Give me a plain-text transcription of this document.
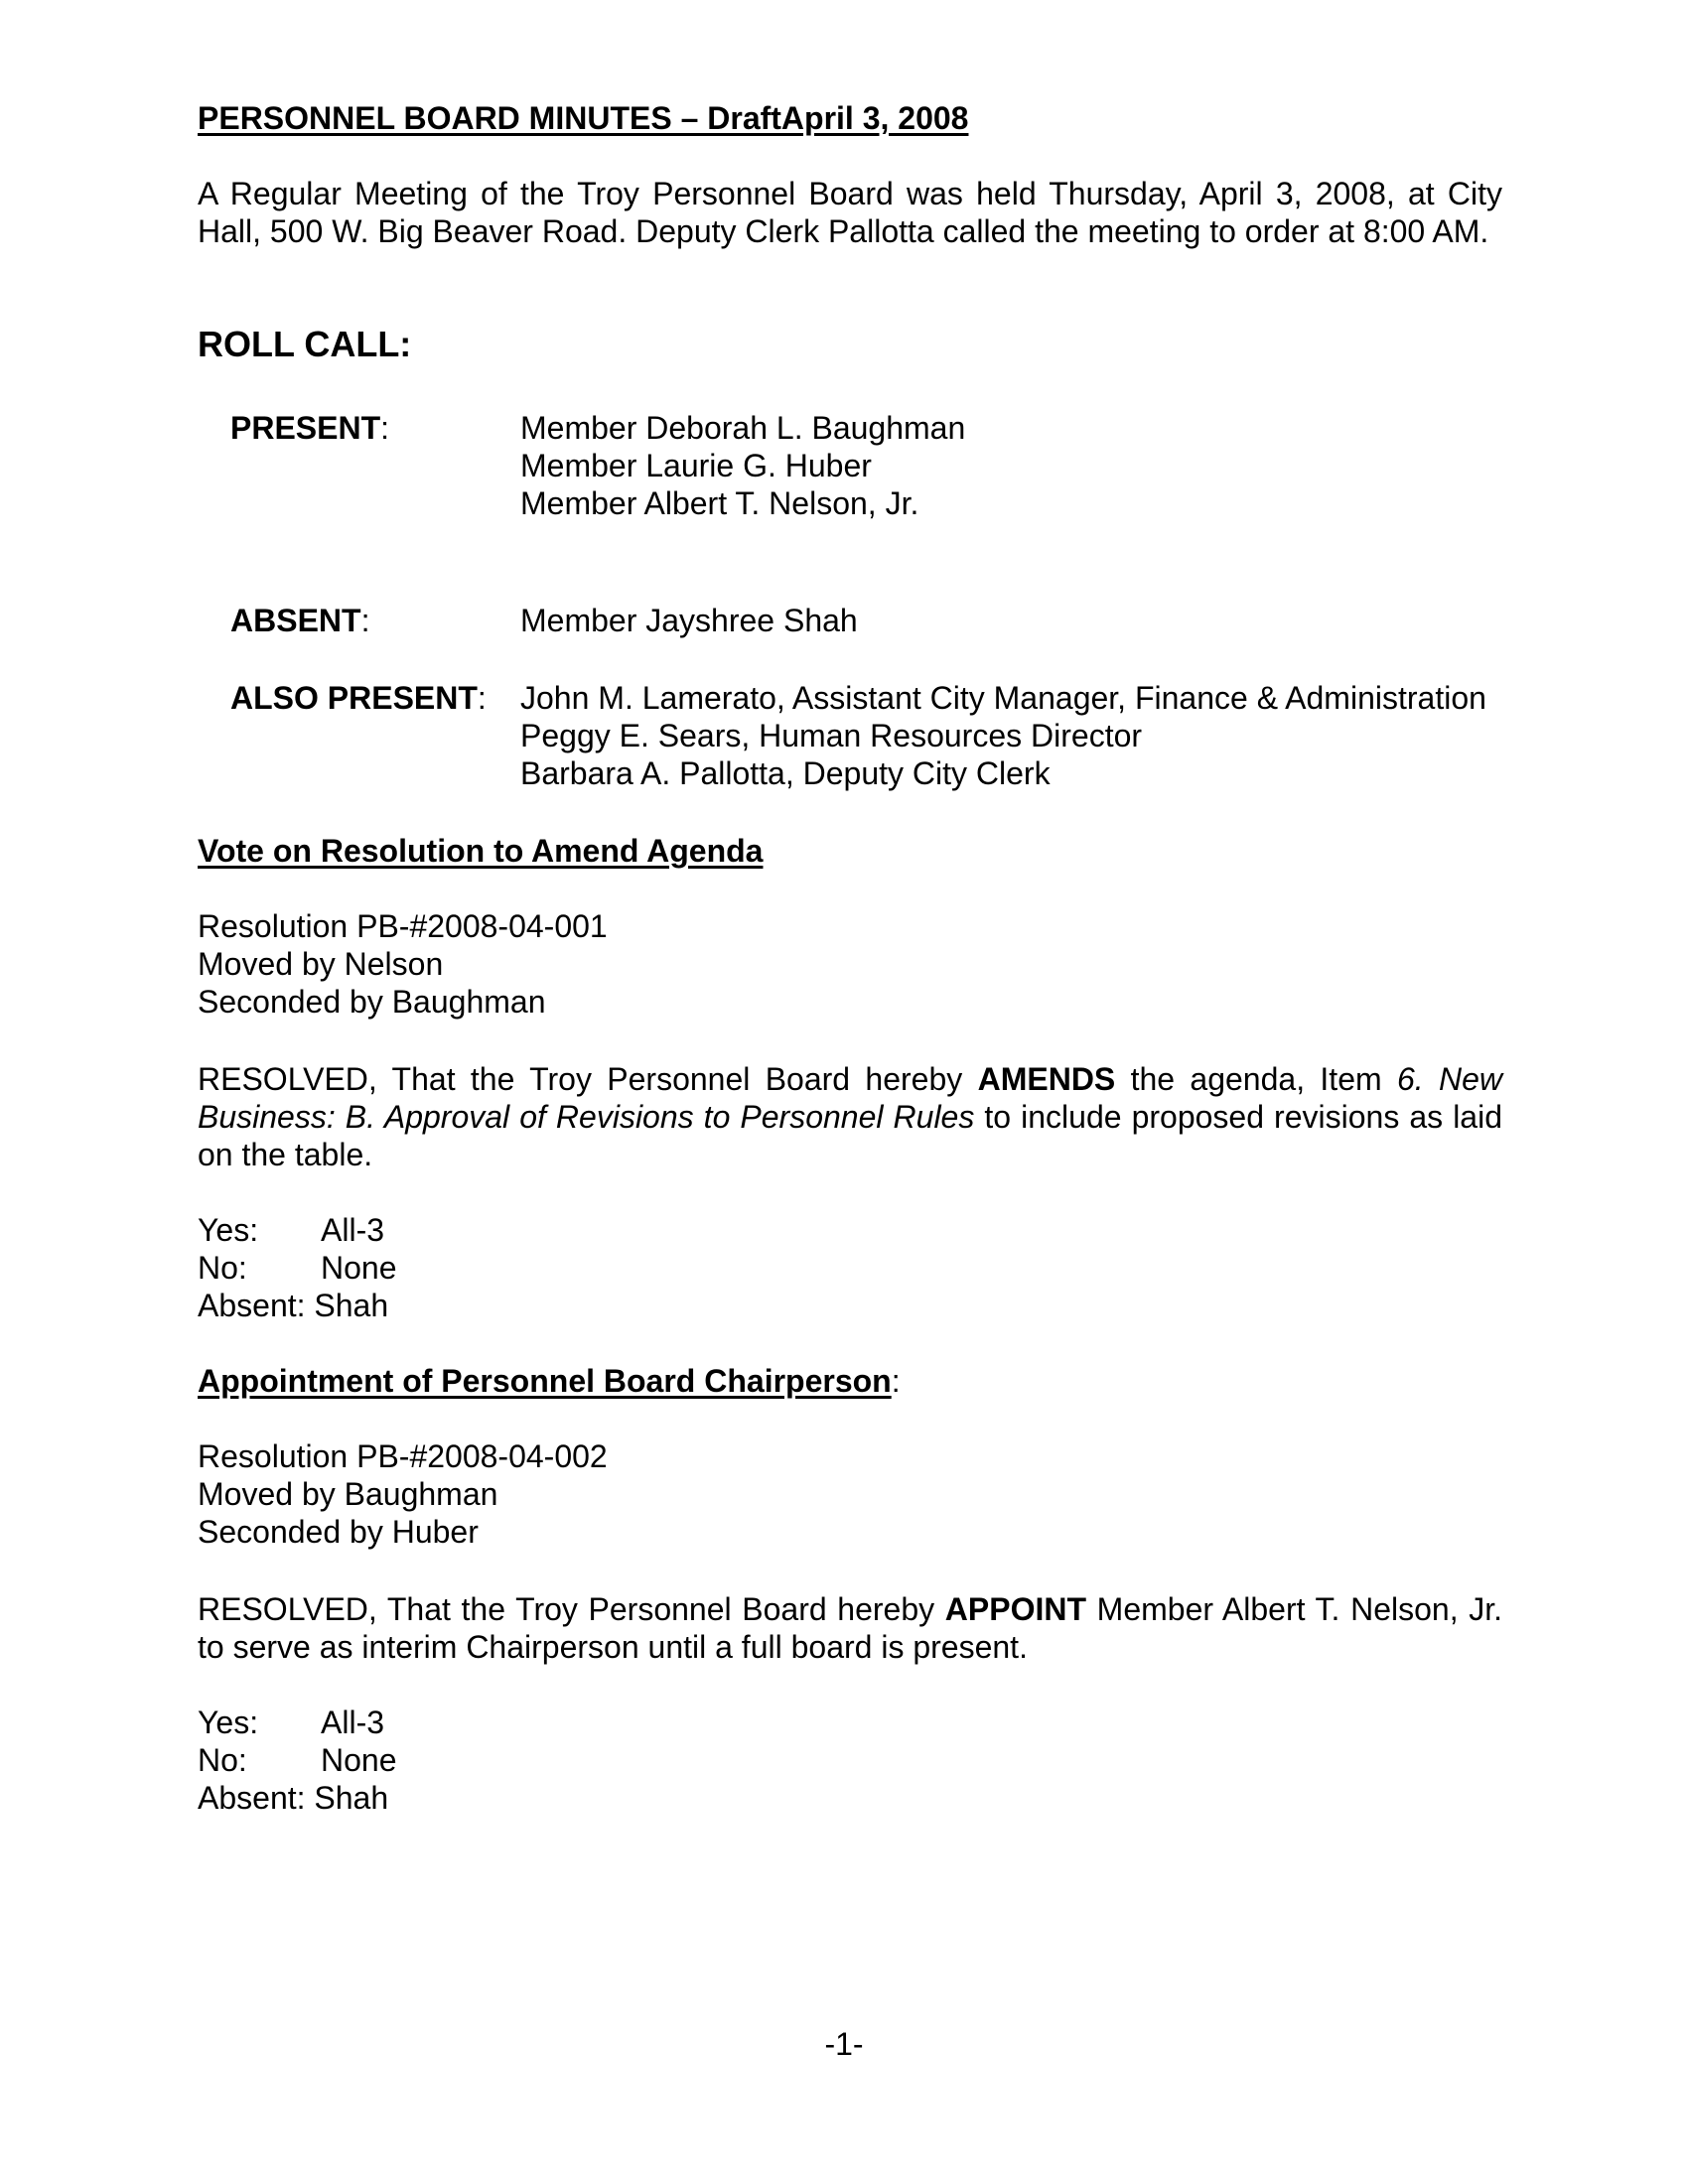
PERSONNEL BOARD MINUTES – DraftApril 3, 2008
A Regular Meeting of the Troy Personnel Board was held Thursday, April 3, 2008, at City Hall, 500 W. Big Beaver Road. Deputy Clerk Pallotta called the meeting to order at 8:00 AM.
ROLL CALL:
PRESENT:	Member Deborah L. Baughman
Member Laurie G. Huber
Member Albert T. Nelson, Jr.
ABSENT:	Member Jayshree Shah
ALSO PRESENT: John M. Lamerato, Assistant City Manager, Finance & Administration
Peggy E. Sears, Human Resources Director
Barbara A. Pallotta, Deputy City Clerk
Vote on Resolution to Amend Agenda
Resolution PB-#2008-04-001
Moved by Nelson
Seconded by Baughman
RESOLVED, That the Troy Personnel Board hereby AMENDS the agenda, Item 6. New Business: B. Approval of Revisions to Personnel Rules to include proposed revisions as laid on the table.
Yes:	All-3
No:	None
Absent: Shah
Appointment of Personnel Board Chairperson:
Resolution PB-#2008-04-002
Moved by Baughman
Seconded by Huber
RESOLVED, That the Troy Personnel Board hereby APPOINT Member Albert T. Nelson, Jr. to serve as interim Chairperson until a full board is present.
Yes:	All-3
No:	None
Absent: Shah
-1-
